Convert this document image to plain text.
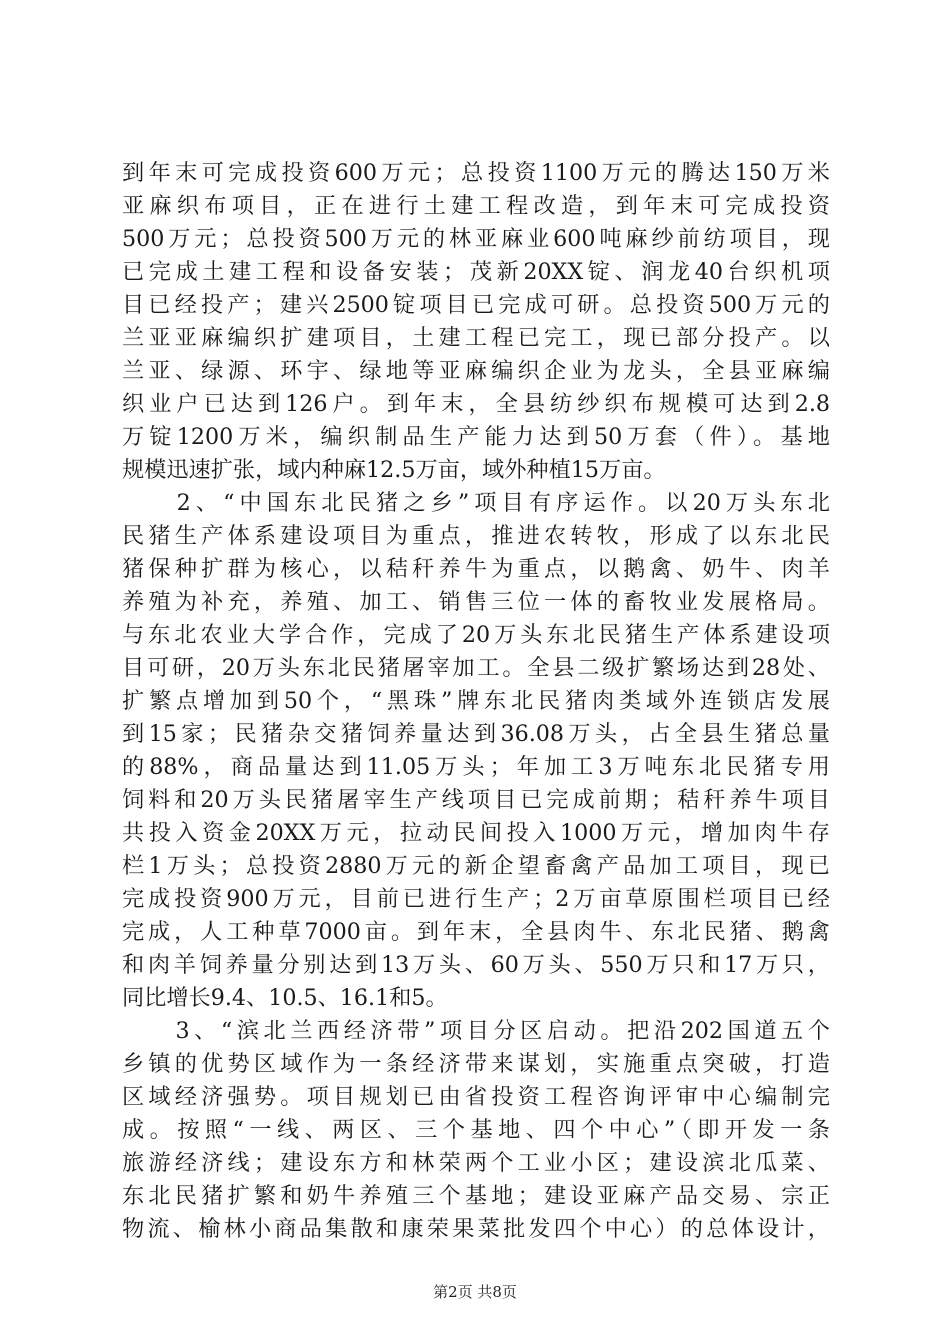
到年末可完成投资600万元；总投资1100万元的腾达150万米
亚麻织布项目，正在进行土建工程改造，到年末可完成投资
500万元；总投资500万元的林亚麻业600吨麻纱前纺项目，现
已完成土建工程和设备安装；茂新20XX锭、润龙40台织机项
目已经投产；建兴2500锭项目已完成可研。总投资500万元的
兰亚亚麻编织扩建项目，土建工程已完工，现已部分投产。以
兰亚、绿源、环宇、绿地等亚麻编织企业为龙头，全县亚麻编
织业户已达到126户。到年末，全县纺纱织布规模可达到2.8
万锭1200万米，编织制品生产能力达到50万套（件）。基地
规模迅速扩张，域内种麻12.5万亩，域外种植15万亩。
　　2、“中国东北民猪之乡”项目有序运作。以20万头东北
民猪生产体系建设项目为重点，推进农转牧，形成了以东北民
猪保种扩群为核心，以秸秆养牛为重点，以鹅禽、奶牛、肉羊
养殖为补充，养殖、加工、销售三位一体的畜牧业发展格局。
与东北农业大学合作，完成了20万头东北民猪生产体系建设项
目可研，20万头东北民猪屠宰加工。全县二级扩繁场达到28处、
扩繁点增加到50个，“黑珠”牌东北民猪肉类域外连锁店发展
到15家；民猪杂交猪饲养量达到36.08万头，占全县生猪总量
的88%，商品量达到11.05万头；年加工3万吨东北民猪专用
饲料和20万头民猪屠宰生产线项目已完成前期；秸秆养牛项目
共投入资金20XX万元，拉动民间投入1000万元，增加肉牛存
栏1万头；总投资2880万元的新企望畜禽产品加工项目，现已
完成投资900万元，目前已进行生产；2万亩草原围栏项目已经
完成，人工种草7000亩。到年末，全县肉牛、东北民猪、鹅禽
和肉羊饲养量分别达到13万头、60万头、550万只和17万只，
同比增长9.4、10.5、16.1和5。
　　3、“滨北兰西经济带”项目分区启动。把沿202国道五个
乡镇的优势区域作为一条经济带来谋划，实施重点突破，打造
区域经济强势。项目规划已由省投资工程咨询评审中心编制完
成。按照“一线、两区、三个基地、四个中心”（即开发一条
旅游经济线；建设东方和林荣两个工业小区；建设滨北瓜菜、
东北民猪扩繁和奶牛养殖三个基地；建设亚麻产品交易、宗正
物流、榆林小商品集散和康荣果菜批发四个中心）的总体设计，
第2页 共8页
